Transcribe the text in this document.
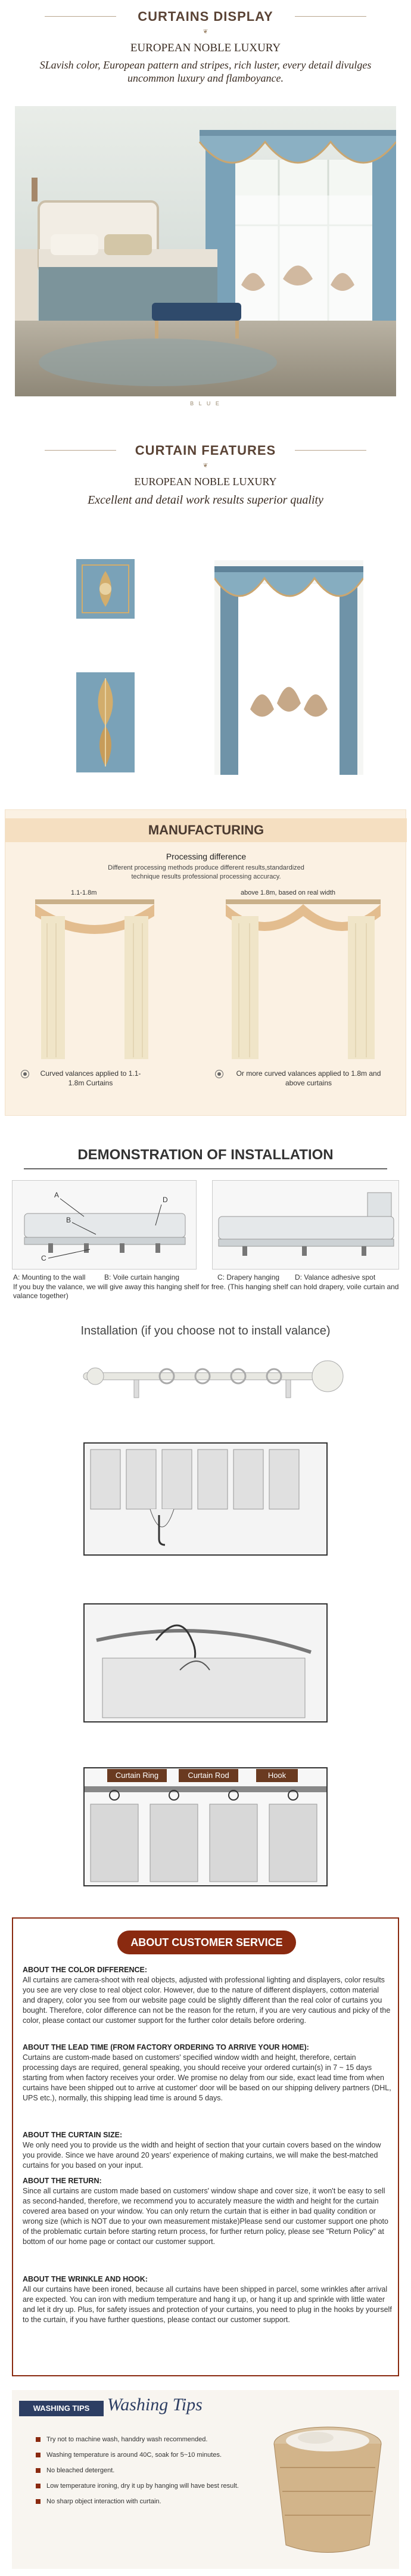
CURTAINS DISPLAY
❦
EUROPEAN NOBLE LUXURY
SLavish color, European pattern and stripes, rich luster, every detail divulges uncommon luxury and flamboyance.
B L U E
CURTAIN FEATURES
❦
EUROPEAN NOBLE LUXURY
Excellent and detail work results superior quality
MANUFACTURING
Processing difference
Different processing methods produce different results,standardized technique results professional processing accuracy.
1.1-1.8m	above 1.8m, based on real width
Curved valances applied to 1.1-1.8m Curtains
Or more curved valances applied to 1.8m and above curtains
DEMONSTRATION OF INSTALLATION
A
B
C
D
A: Mounting to the wall	B: Voile curtain hanging	C: Drapery hanging D: Valance adhesive spot
If you buy the valance, we will give away this hanging shelf for free. (This hanging shelf can hold drapery, voile curtain and valance together)
Installation (if you choose not to install valance)
Curtain Ring	Curtain Rod	Hook
ABOUT CUSTOMER SERVICE
ABOUT THE COLOR DIFFERENCE:
All curtains are camera-shoot with real objects, adjusted with professional lighting and displayers, color results you see are very close to real object color. However, due to the nature of different displayers, cotton material and drapery, color you see from our website page could be slightly different than the real color of curtains you bought. Therefore, color difference can not be the reason for the return, if you are very cautious and picky of the color, please contact our customer support for the further color details before ordering.
ABOUT THE LEAD TIME (FROM FACTORY ORDERING TO ARRIVE YOUR HOME):
Curtains are custom-made based on customers' specified window width and height, therefore, certain processing days are required, general speaking, you should receive your ordered curtain(s) in 7 ~ 15 days starting from when factory receives your order. We promise no delay from our side, exact lead time from when curtains have been shipped out to arrive at customer' door will be based on our shipping delivery partners (DHL, UPS etc.), normally, this shipping lead time is around 5 days.
ABOUT THE CURTAIN SIZE:
We only need you to provide us the width and height of section that your curtain covers based on the window you provide. Since we have around 20 years' experience of making curtains, we will make the best-matched curtains for you based on your input.
ABOUT THE RETURN:
Since all curtains are custom made based on customers' window shape and cover size, it won't be easy to sell as second-handed, therefore, we recommend you to accurately measure the width and height for the curtain covered area based on your window. You can only return the curtain that is either in bad quality condition or wrong size (which is NOT due to your own measurement mistake)Please send our customer support one photo of the problematic curtain before starting return process, for further return policy, please see "Return Policy" at bottom of our home page or contact our customer support.
ABOUT THE WRINKLE AND HOOK:
All our curtains have been ironed, because all curtains have been shipped in parcel, some wrinkles after arrival are expected. You can iron with medium temperature and hang it up, or hang it up and sprinkle with little water and let it dry up. Plus, for safety issues and protection of your curtains, you need to plug in the hooks by yourself to the curtain, if you have further questions, please contact our customer support.
WASHING TIPS Washing Tips
Try not to machine wash, handdry wash recommended.
Washing temperature is around 40C, soak for 5~10 minutes.
No bleached detergent.
Low temperature ironing, dry it up by hanging will have best result.
No sharp object interaction with curtain.
